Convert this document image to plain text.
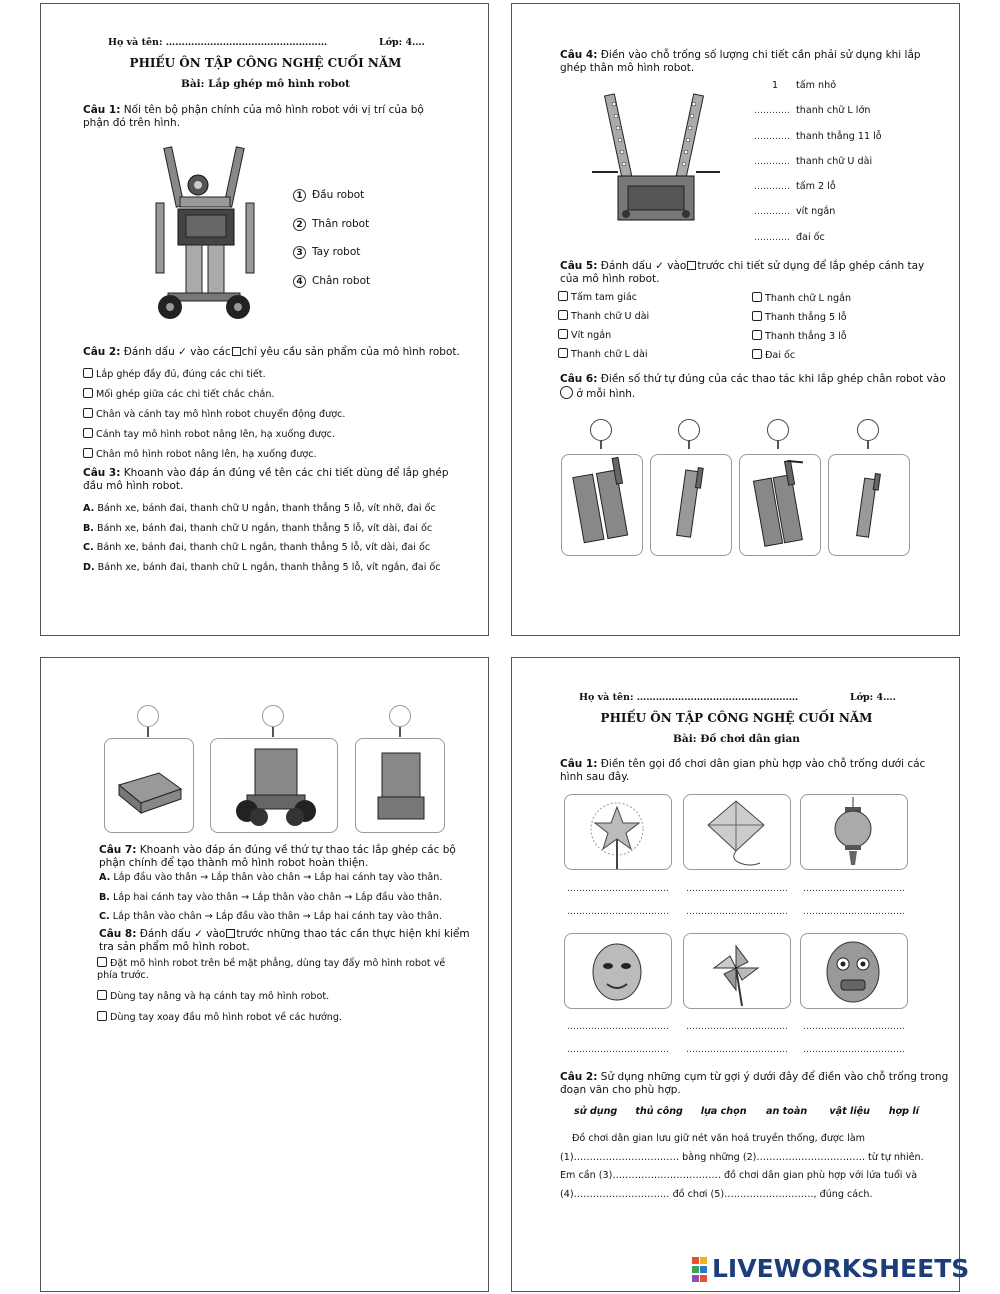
Họ và tên: ……………………………………………	Lớp: 4….
PHIẾU ÔN TẬP CÔNG NGHỆ CUỐI NĂM
Bài: Lắp ghép mô hình robot
Câu 1: Nối tên bộ phận chính của mô hình robot với vị trí của bộ phận đó trên hình.
1 Đầu robot
2 Thân robot
3 Tay robot
4 Chân robot
Câu 2: Đánh dấu ✓ vào các chỉ yêu cầu sản phẩm của mô hình robot.
Lắp ghép đầy đủ, đúng các chi tiết.
Mối ghép giữa các chi tiết chắc chắn.
Chân và cánh tay mô hình robot chuyển động được.
Cánh tay mô hình robot nâng lên, hạ xuống được.
Chân mô hình robot nâng lên, hạ xuống được.
Câu 3: Khoanh vào đáp án đúng về tên các chi tiết dùng để lắp ghép đầu mô hình robot.
A. Bánh xe, bánh đai, thanh chữ U ngắn, thanh thẳng 5 lỗ, vít nhỡ, đai ốc
B. Bánh xe, bánh đai, thanh chữ U ngắn, thanh thẳng 5 lỗ, vít dài, đai ốc
C. Bánh xe, bánh đai, thanh chữ L ngắn, thanh thẳng 5 lỗ, vít dài, đai ốc
D. Bánh xe, bánh đai, thanh chữ L ngắn, thanh thẳng 5 lỗ, vít ngắn, đai ốc
Câu 4: Điền vào chỗ trống số lượng chi tiết cần phải sử dụng khi lắp ghép thân mô hình robot.
1 tấm nhỏ
………… thanh chữ L lớn
………… thanh thẳng 11 lỗ
………… thanh chữ U dài
………… tấm 2 lỗ
………… vít ngắn
………… đai ốc
Câu 5: Đánh dấu ✓ vào trước chi tiết sử dụng để lắp ghép cánh tay của mô hình robot.
Tấm tam giác
Thanh chữ U dài
Vít ngắn
Thanh chữ L dài
Thanh chữ L ngắn
Thanh thẳng 5 lỗ
Thanh thẳng 3 lỗ
Đai ốc
Câu 6: Điền số thứ tự đúng của các thao tác khi lắp ghép chân robot vào  ở mỗi hình.
Câu 7: Khoanh vào đáp án đúng về thứ tự thao tác lắp ghép các bộ phận chính để tạo thành mô hình robot hoàn thiện.
A. Lắp đầu vào thân → Lắp thân vào chân → Lắp hai cánh tay vào thân.
B. Lắp hai cánh tay vào thân → Lắp thân vào chân → Lắp đầu vào thân.
C. Lắp thân vào chân → Lắp đầu vào thân → Lắp hai cánh tay vào thân.
Câu 8: Đánh dấu ✓ vào trước những thao tác cần thực hiện khi kiểm tra sản phẩm mô hình robot.
Đặt mô hình robot trên bề mặt phẳng, dùng tay đẩy mô hình robot về phía trước.
Dùng tay nâng và hạ cánh tay mô hình robot.
Dùng tay xoay đầu mô hình robot về các hướng.
Họ và tên: ……………………………………………	Lớp: 4….
PHIẾU ÔN TẬP CÔNG NGHỆ CUỐI NĂM
Bài: Đồ chơi dân gian
Câu 1: Điền tên gọi đồ chơi dân gian phù hợp vào chỗ trống dưới các hình sau đây.
……………………………. ……………………………. …………………………….
……………………………. ……………………………. …………………………….
……………………………. ……………………………. …………………………….
……………………………. ……………………………. …………………………….
Câu 2: Sử dụng những cụm từ gợi ý dưới đây để điền vào chỗ trống trong đoạn văn cho phù hợp.
sử dụng thủ công lựa chọn an toàn vật liệu hợp lí
Đồ chơi dân gian lưu giữ nét văn hoá truyền thống, được làm
(1)…………………………… bằng những (2)……………………………. từ tự nhiên.
Em cần (3)……………………………. đồ chơi dân gian phù hợp với lứa tuổi và
(4)………………………… đồ chơi (5)………………………., đúng cách.
LIVEWORKSHEETS
